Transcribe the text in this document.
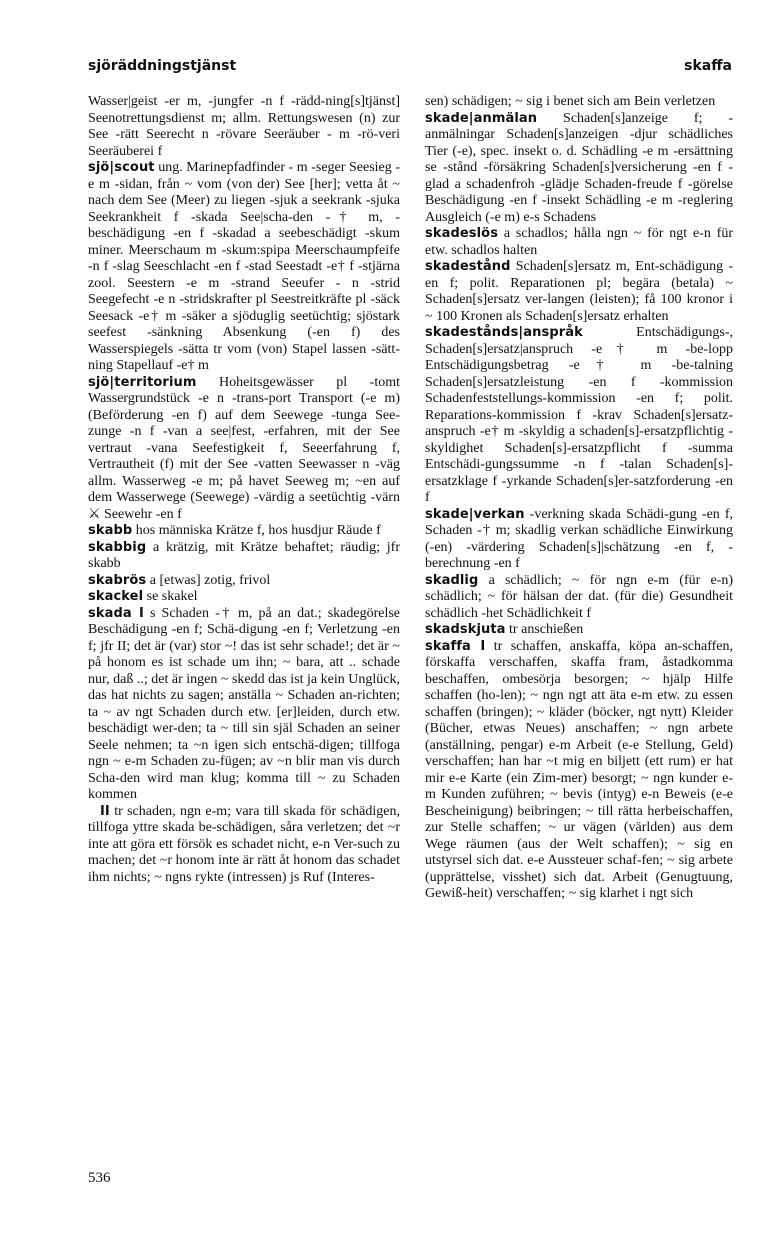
sjöräddningstjänst	skaffa

Wasser|geist -er m, -jungfer -n f -rädd-ning[s]tjänst] Seenotrettungsdienst m; allm. Rettungswesen (n) zur See -rätt Seerecht n -rövare Seeräuber - m -rö-veri Seeräuberei f

sjö|scout ung. Marinepfadfinder - m -seger Seesieg -e m -sidan, från ~ vom (von der) See [her]; vetta åt ~ nach dem See (Meer) zu liegen -sjuk a seekrank -sjuka Seekrankheit f -skada See|scha-den -† m, -beschädigung -en f -skadad a seebeschädigt -skum miner. Meerschaum m -skum:spipa Meerschaumpfeife -n f -slag Seeschlacht -en f -stad Seestadt -e† f -stjärna zool. Seestern -e m -strand Seeufer - n -strid Seegefecht -e n -stridskrafter pl Seestreitkräfte pl -säck Seesack -e† m -säker a sjöduglig seetüchtig; sjöstark seefest -sänkning Absenkung (-en f) des Wasserspiegels -sätta tr vom (von) Stapel lassen -sätt-ning Stapellauf -e† m

sjö|territorium Hoheitsgewässer pl -tomt Wassergrundstück -e n -trans-port Transport (-e m) (Beförderung -en f) auf dem Seewege -tunga See-zunge -n f -van a see|fest, -erfahren, mit der See vertraut -vana Seefestigkeit f, Seeerfahrung f, Vertrautheit (f) mit der See -vatten Seewasser n -väg allm. Wasserweg -e m; på havet Seeweg m; ~en auf dem Wasserwege (Seewege) -värdig a seetüchtig -värn ⚔ Seewehr -en f

skabb hos människa Krätze f, hos husdjur Räude f

skabbig a krätzig, mit Krätze behaftet; räudig; jfr skabb

skabrös a [etwas] zotig, frivol

skackel se skakel

skada I s Schaden -† m, på an dat.; skadegörelse Beschädigung -en f; Schä-digung -en f; Verletzung -en f; jfr II; det är (var) stor ~! das ist sehr schade!; det är ~ på honom es ist schade um ihn; ~ bara, att .. schade nur, daß ..; det är ingen ~ skedd das ist ja kein Unglück, das hat nichts zu sagen; anställa ~ Schaden an-richten; ta ~ av ngt Schaden durch etw. [er]leiden, durch etw. beschädigt wer-den; ta ~ till sin själ Schaden an seiner Seele nehmen; ta ~n igen sich entschä-digen; tillfoga ngn ~ e-m Schaden zu-fügen; av ~n blir man vis durch Scha-den wird man klug; komma till ~ zu Schaden kommen

II tr schaden, ngn e-m; vara till skada för schädigen, tillfoga yttre skada be-schädigen, såra verletzen; det ~r inte att göra ett försök es schadet nicht, e-n Ver-such zu machen; det ~r honom inte är rätt åt honom das schadet ihm nichts; ~ ngns rykte (intressen) js Ruf (Interes-

sen) schädigen; ~ sig i benet sich am Bein verletzen

skade|anmälan Schaden[s]anzeige f; -anmälningar Schaden[s]anzeigen -djur schädliches Tier (-e), spec. insekt o. d. Schädling -e m -ersättning se -stånd -försäkring Schaden[s]versicherung -en f -glad a schadenfroh -glädje Schaden-freude f -görelse Beschädigung -en f -insekt Schädling -e m -reglering Ausgleich (-e m) e-s Schadens

skadeslös a schadlos; hålla ngn ~ för ngt e-n für etw. schadlos halten

skadestånd Schaden[s]ersatz m, Ent-schädigung -en f; polit. Reparationen pl; begära (betala) ~ Schaden[s]ersatz ver-langen (leisten); få 100 kronor i ~ 100 Kronen als Schaden[s]ersatz erhalten

skadestånds|anspråk Entschädigungs-, Schaden[s]ersatz|anspruch -e† m -be-lopp Entschädigungsbetrag -e† m -be-talning Schaden[s]ersatzleistung -en f -kommission Schadenfeststellungs-kommission -en f; polit. Reparations-kommission f -krav Schaden[s]ersatz-anspruch -e† m -skyldig a schaden[s]-ersatzpflichtig -skyldighet Schaden[s]-ersatzpflicht f -summa Entschädi-gungssumme -n f -talan Schaden[s]-ersatzklage f -yrkande Schaden[s]er-satzforderung -en f

skade|verkan -verkning skada Schädi-gung -en f, Schaden -† m; skadlig verkan schädliche Einwirkung (-en) -värdering Schaden[s]|schätzung -en f, -berechnung -en f

skadlig a schädlich; ~ för ngn e-m (für e-n) schädlich; ~ för hälsan der dat. (für die) Gesundheit schädlich -het Schädlichkeit f

skadskjuta tr anschießen

skaffa I tr schaffen, anskaffa, köpa an-schaffen, förskaffa verschaffen, skaffa fram, åstadkomma beschaffen, ombesörja besorgen; ~ hjälp Hilfe schaffen (ho-len); ~ ngn ngt att äta e-m etw. zu essen schaffen (bringen); ~ kläder (böcker, ngt nytt) Kleider (Bücher, etwas Neues) anschaffen; ~ ngn arbete (anställning, pengar) e-m Arbeit (e-e Stellung, Geld) verschaffen; han har ~t mig en biljett (ett rum) er hat mir e-e Karte (ein Zim-mer) besorgt; ~ ngn kunder e-m Kunden zuführen; ~ bevis (intyg) e-n Beweis (e-e Bescheinigung) beibringen; ~ till rätta herbeischaffen, zur Stelle schaffen; ~ ur vägen (världen) aus dem Wege räumen (aus der Welt schaffen); ~ sig en utstyrsel sich dat. e-e Aussteuer schaf-fen; ~ sig arbete (upprättelse, visshet) sich dat. Arbeit (Genugtuung, Gewiß-heit) verschaffen; ~ sig klarhet i ngt sich

536
